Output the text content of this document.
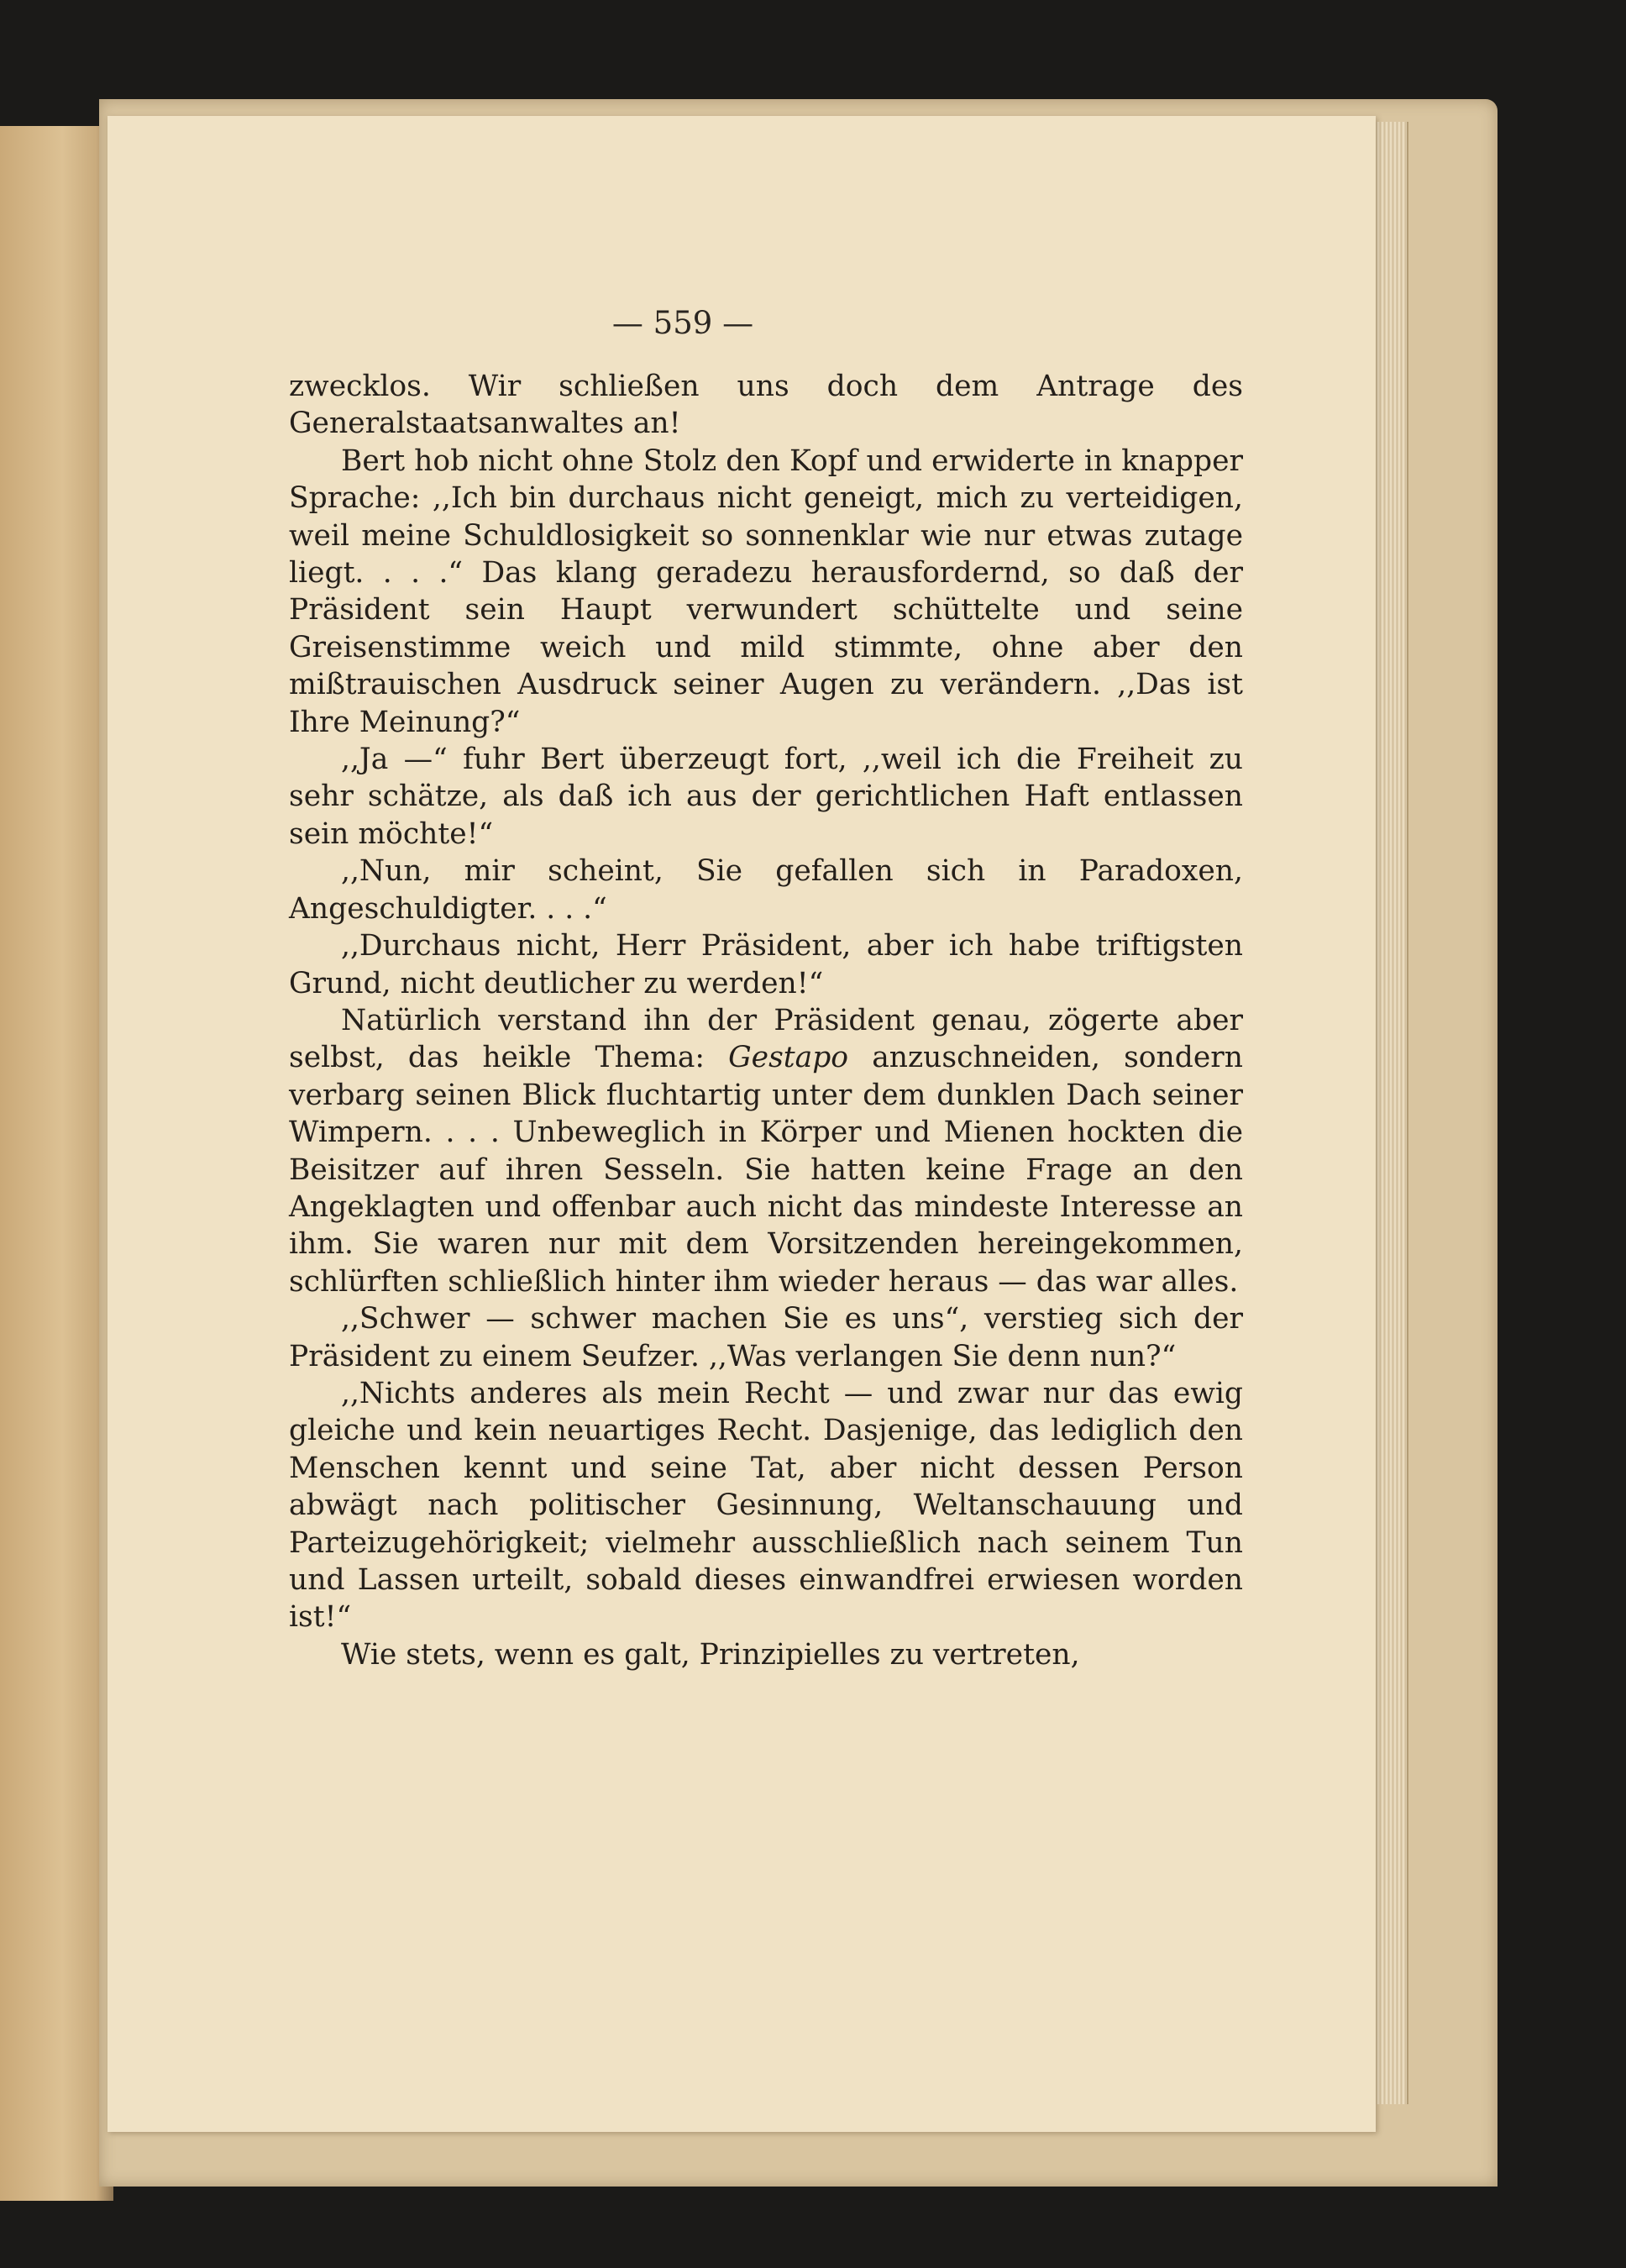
— 559 —

zwecklos. Wir schließen uns doch dem Antrage des Generalstaatsanwaltes an!

Bert hob nicht ohne Stolz den Kopf und erwiderte in knapper Sprache: ,,Ich bin durchaus nicht geneigt, mich zu verteidigen, weil meine Schuldlosigkeit so sonnenklar wie nur etwas zutage liegt. . . .“ Das klang geradezu herausfordernd, so daß der Präsident sein Haupt verwundert schüttelte und seine Greisenstimme weich und mild stimmte, ohne aber den mißtrauischen Ausdruck seiner Augen zu verändern. ,,Das ist Ihre Meinung?“

,,Ja —“ fuhr Bert überzeugt fort, ,,weil ich die Freiheit zu sehr schätze, als daß ich aus der gerichtlichen Haft entlassen sein möchte!“

,,Nun, mir scheint, Sie gefallen sich in Paradoxen, Angeschuldigter. . . .“

,,Durchaus nicht, Herr Präsident, aber ich habe triftigsten Grund, nicht deutlicher zu werden!“

Natürlich verstand ihn der Präsident genau, zögerte aber selbst, das heikle Thema: Gestapo anzuschneiden, sondern verbarg seinen Blick fluchtartig unter dem dunklen Dach seiner Wimpern. . . . Unbeweglich in Körper und Mienen hockten die Beisitzer auf ihren Sesseln. Sie hatten keine Frage an den Angeklagten und offenbar auch nicht das mindeste Interesse an ihm. Sie waren nur mit dem Vorsitzenden hereingekommen, schlürften schließlich hinter ihm wieder heraus — das war alles.

,,Schwer — schwer machen Sie es uns“, verstieg sich der Präsident zu einem Seufzer. ,,Was verlangen Sie denn nun?“

,,Nichts anderes als mein Recht — und zwar nur das ewig gleiche und kein neuartiges Recht. Dasjenige, das lediglich den Menschen kennt und seine Tat, aber nicht dessen Person abwägt nach politischer Gesinnung, Weltanschauung und Parteizugehörigkeit; vielmehr ausschließlich nach seinem Tun und Lassen urteilt, sobald dieses einwandfrei erwiesen worden ist!“

Wie stets, wenn es galt, Prinzipielles zu vertreten,
